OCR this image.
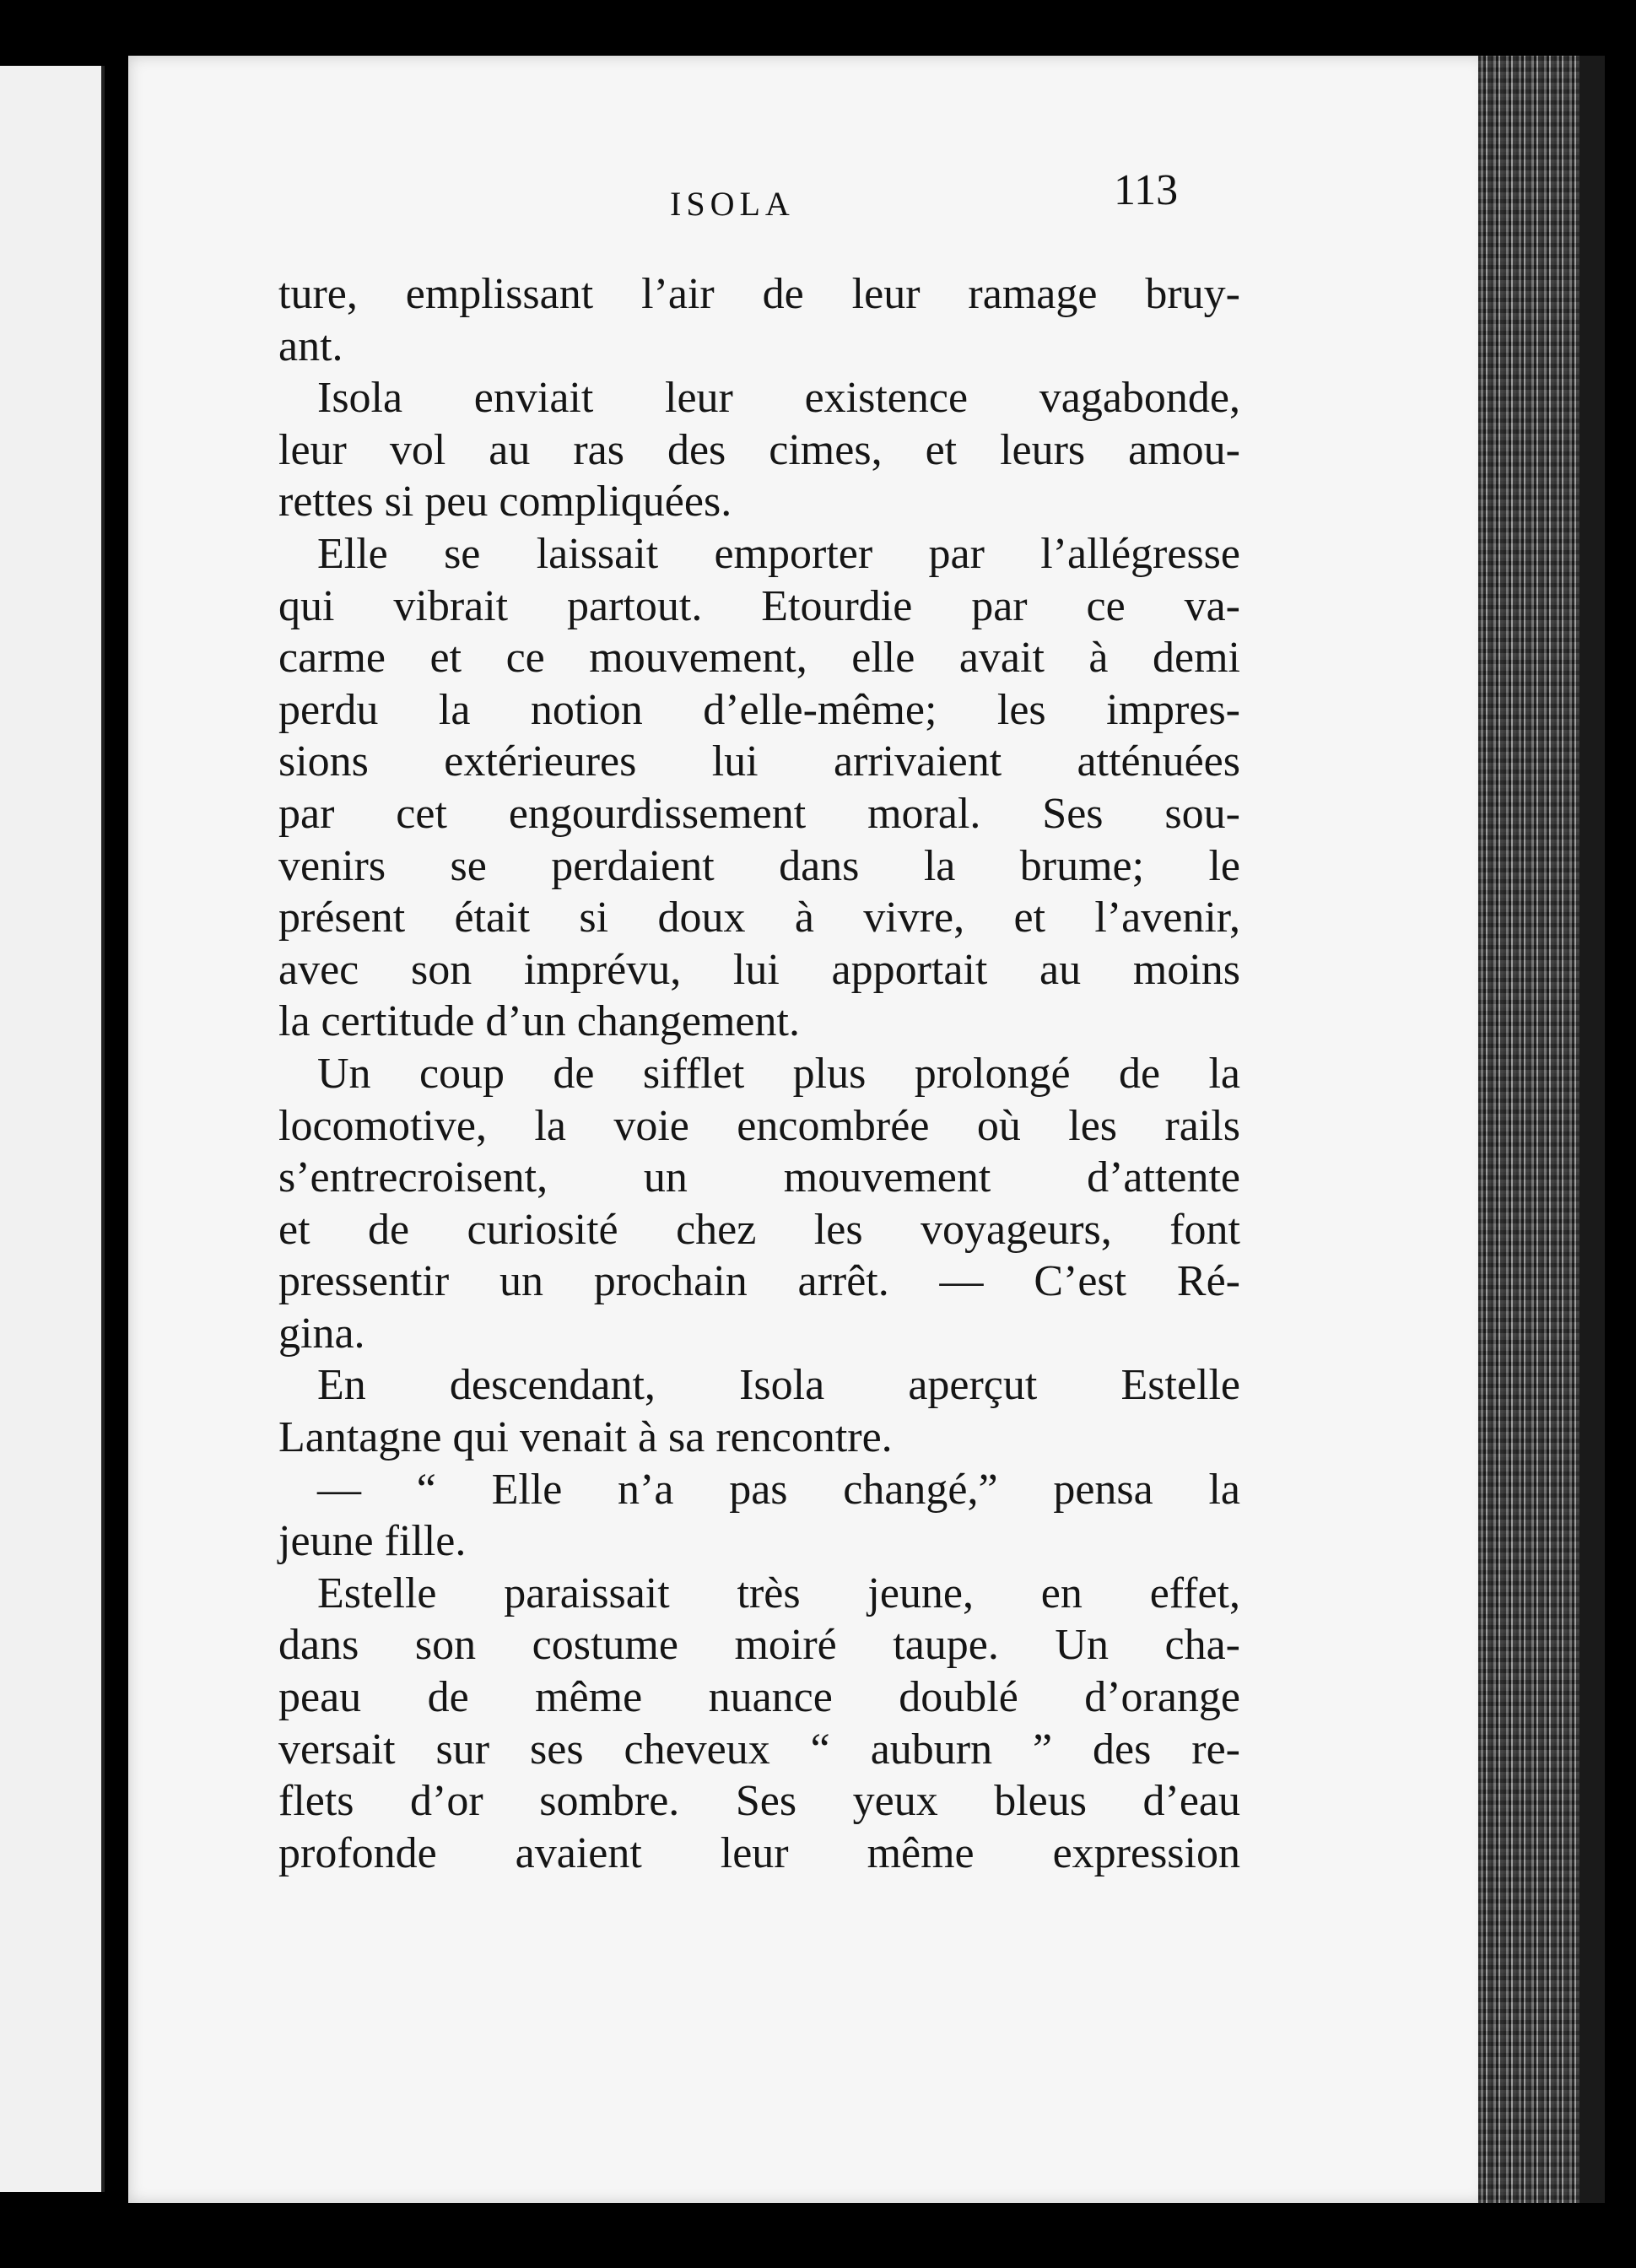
ISOLA	113
ture, emplissant l’air de leur ramage bruy-
ant.
Isola enviait leur existence vagabonde,
leur vol au ras des cimes, et leurs amou-
rettes si peu compliquées.
Elle se laissait emporter par l’allégresse
qui vibrait partout. Etourdie par ce va-
carme et ce mouvement, elle avait à demi
perdu la notion d’elle-même; les impres-
sions extérieures lui arrivaient atténuées
par cet engourdissement moral. Ses sou-
venirs se perdaient dans la brume; le
présent était si doux à vivre, et l’avenir,
avec son imprévu, lui apportait au moins
la certitude d’un changement.
Un coup de sifflet plus prolongé de la
locomotive, la voie encombrée où les rails
s’entrecroisent, un mouvement d’attente
et de curiosité chez les voyageurs, font
pressentir un prochain arrêt. — C’est Ré-
gina.
En descendant, Isola aperçut Estelle
Lantagne qui venait à sa rencontre.
— “ Elle n’a pas changé,” pensa la
jeune fille.
Estelle paraissait très jeune, en effet,
dans son costume moiré taupe. Un cha-
peau de même nuance doublé d’orange
versait sur ses cheveux “ auburn ” des re-
flets d’or sombre. Ses yeux bleus d’eau
profonde avaient leur même expression
